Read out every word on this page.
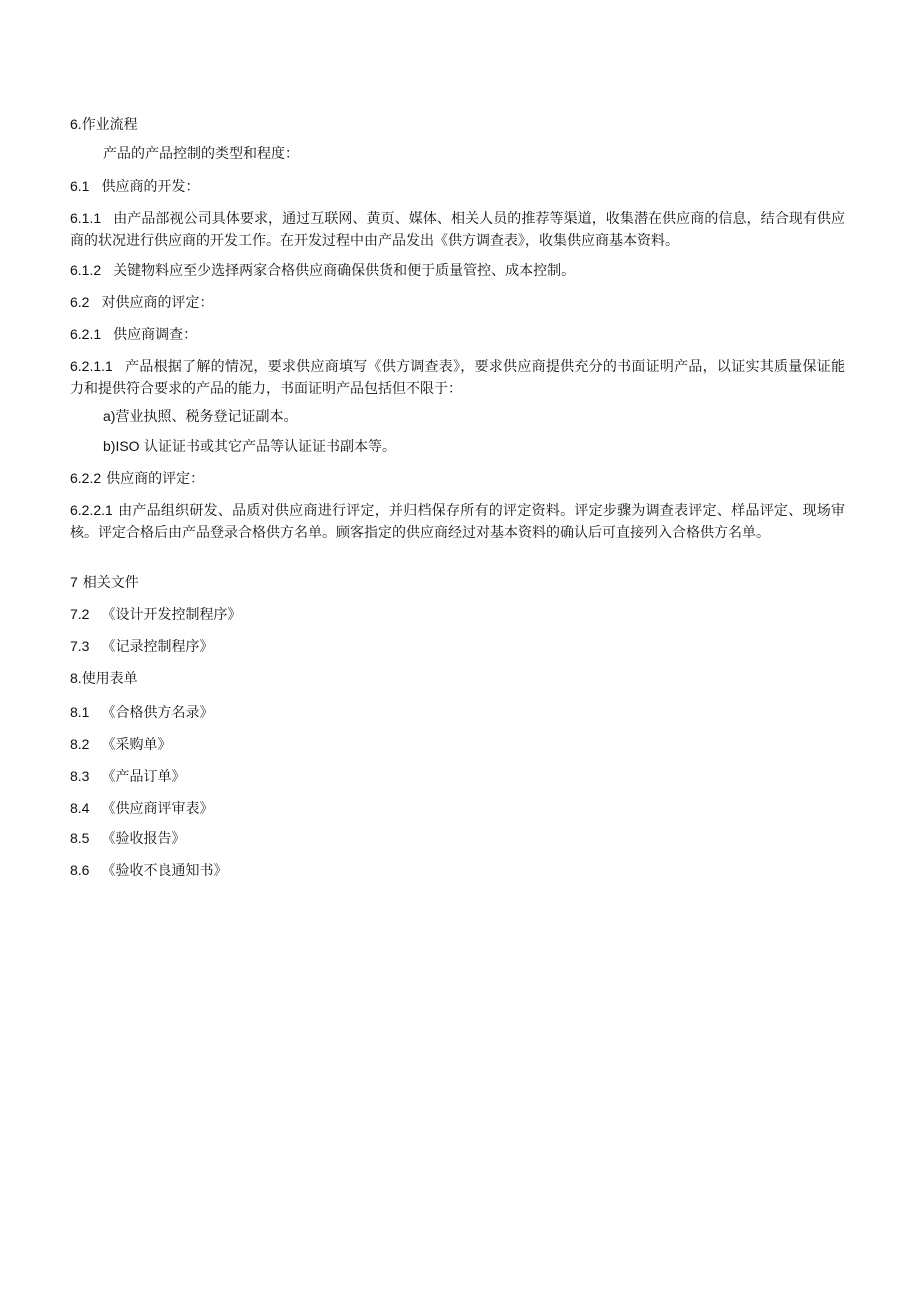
6.作业流程
产品的产品控制的类型和程度：
6.1 供应商的开发：
6.1.1 由产品部视公司具体要求，通过互联网、黄页、媒体、相关人员的推荐等渠道，收集潜在供应商的信息，结合现有供应商的状况进行供应商的开发工作。在开发过程中由产品发出《供方调查表》，收集供应商基本资料。
6.1.2 关键物料应至少选择两家合格供应商确保供货和便于质量管控、成本控制。
6.2 对供应商的评定：
6.2.1 供应商调查：
6.2.1.1 产品根据了解的情况，要求供应商填写《供方调查表》，要求供应商提供充分的书面证明产品，以证实其质量保证能力和提供符合要求的产品的能力，书面证明产品包括但不限于：
a)营业执照、税务登记证副本。
b)ISO 认证证书或其它产品等认证证书副本等。
6.2.2 供应商的评定：
6.2.2.1 由产品组织研发、品质对供应商进行评定，并归档保存所有的评定资料。评定步骤为调查表评定、样品评定、现场审核。评定合格后由产品登录合格供方名单。顾客指定的供应商经过对基本资料的确认后可直接列入合格供方名单。
7 相关文件
7.2 《设计开发控制程序》
7.3 《记录控制程序》
8.使用表单
8.1 《合格供方名录》
8.2 《采购单》
8.3 《产品订单》
8.4 《供应商评审表》
8.5 《验收报告》
8.6 《验收不良通知书》
